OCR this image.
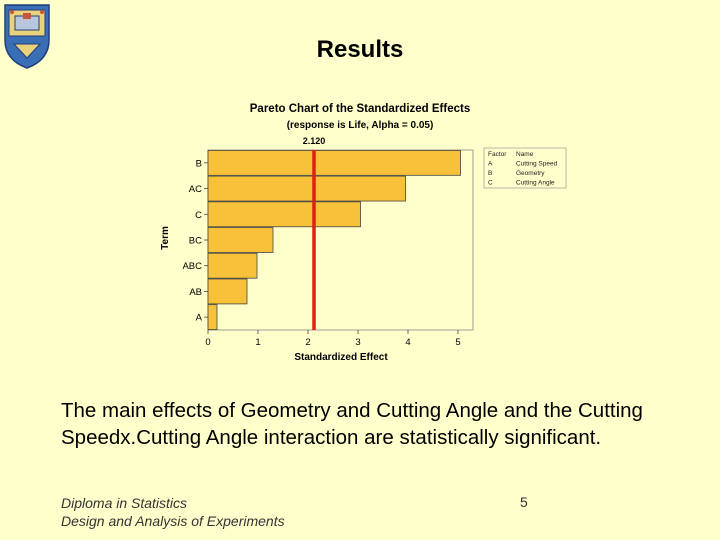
Results
Pareto Chart of the Standardized Effects
(response is Life, Alpha = 0.05)
Term
Standardized Effect
B
AC
C
BC
ABC
AB
A
0	1	2	3	4	5
2.120
Factor Name
A	Cutting Speed
B	Geometry
C	Cutting Angle
The main effects of Geometry and Cutting Angle and the Cutting Speedx.Cutting Angle interaction are statistically significant.
Diploma in Statistics
Design and Analysis of Experiments
5
